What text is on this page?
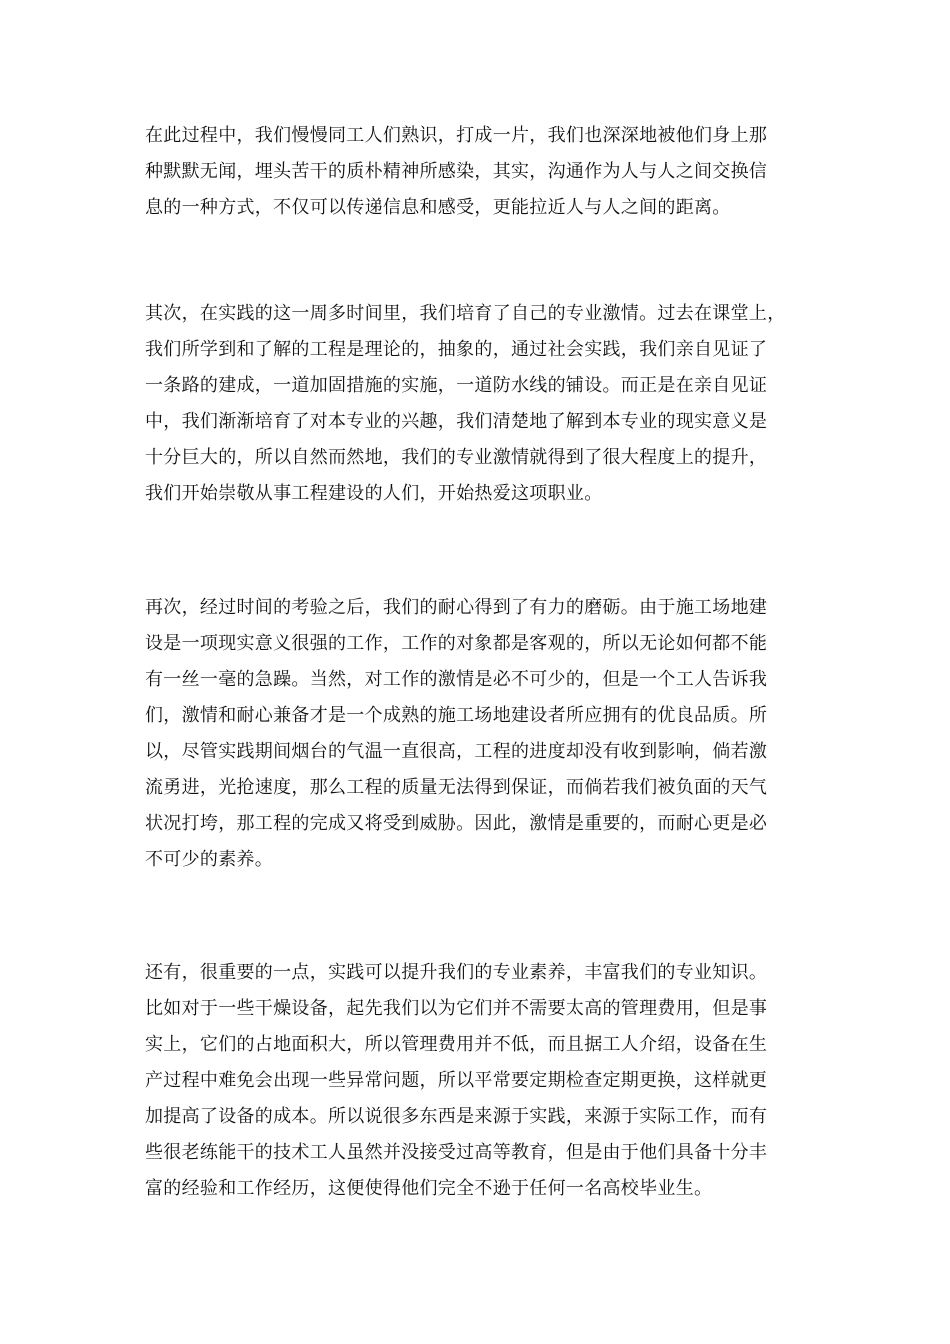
在此过程中，我们慢慢同工人们熟识，打成一片，我们也深深地被他们身上那
种默默无闻，埋头苦干的质朴精神所感染，其实，沟通作为人与人之间交换信
息的一种方式，不仅可以传递信息和感受，更能拉近人与人之间的距离。

其次，在实践的这一周多时间里，我们培育了自己的专业激情。过去在课堂上，
我们所学到和了解的工程是理论的，抽象的，通过社会实践，我们亲自见证了
一条路的建成，一道加固措施的实施，一道防水线的铺设。而正是在亲自见证
中，我们渐渐培育了对本专业的兴趣，我们清楚地了解到本专业的现实意义是
十分巨大的，所以自然而然地，我们的专业激情就得到了很大程度上的提升，
我们开始崇敬从事工程建设的人们，开始热爱这项职业。

再次，经过时间的考验之后，我们的耐心得到了有力的磨砺。由于施工场地建
设是一项现实意义很强的工作，工作的对象都是客观的，所以无论如何都不能
有一丝一毫的急躁。当然，对工作的激情是必不可少的，但是一个工人告诉我
们，激情和耐心兼备才是一个成熟的施工场地建设者所应拥有的优良品质。所
以，尽管实践期间烟台的气温一直很高，工程的进度却没有收到影响，倘若激
流勇进，光抢速度，那么工程的质量无法得到保证，而倘若我们被负面的天气
状况打垮，那工程的完成又将受到威胁。因此，激情是重要的，而耐心更是必
不可少的素养。

还有，很重要的一点，实践可以提升我们的专业素养，丰富我们的专业知识。
比如对于一些干燥设备，起先我们以为它们并不需要太高的管理费用，但是事
实上，它们的占地面积大，所以管理费用并不低，而且据工人介绍，设备在生
产过程中难免会出现一些异常问题，所以平常要定期检查定期更换，这样就更
加提高了设备的成本。所以说很多东西是来源于实践，来源于实际工作，而有
些很老练能干的技术工人虽然并没接受过高等教育，但是由于他们具备十分丰
富的经验和工作经历，这便使得他们完全不逊于任何一名高校毕业生。
